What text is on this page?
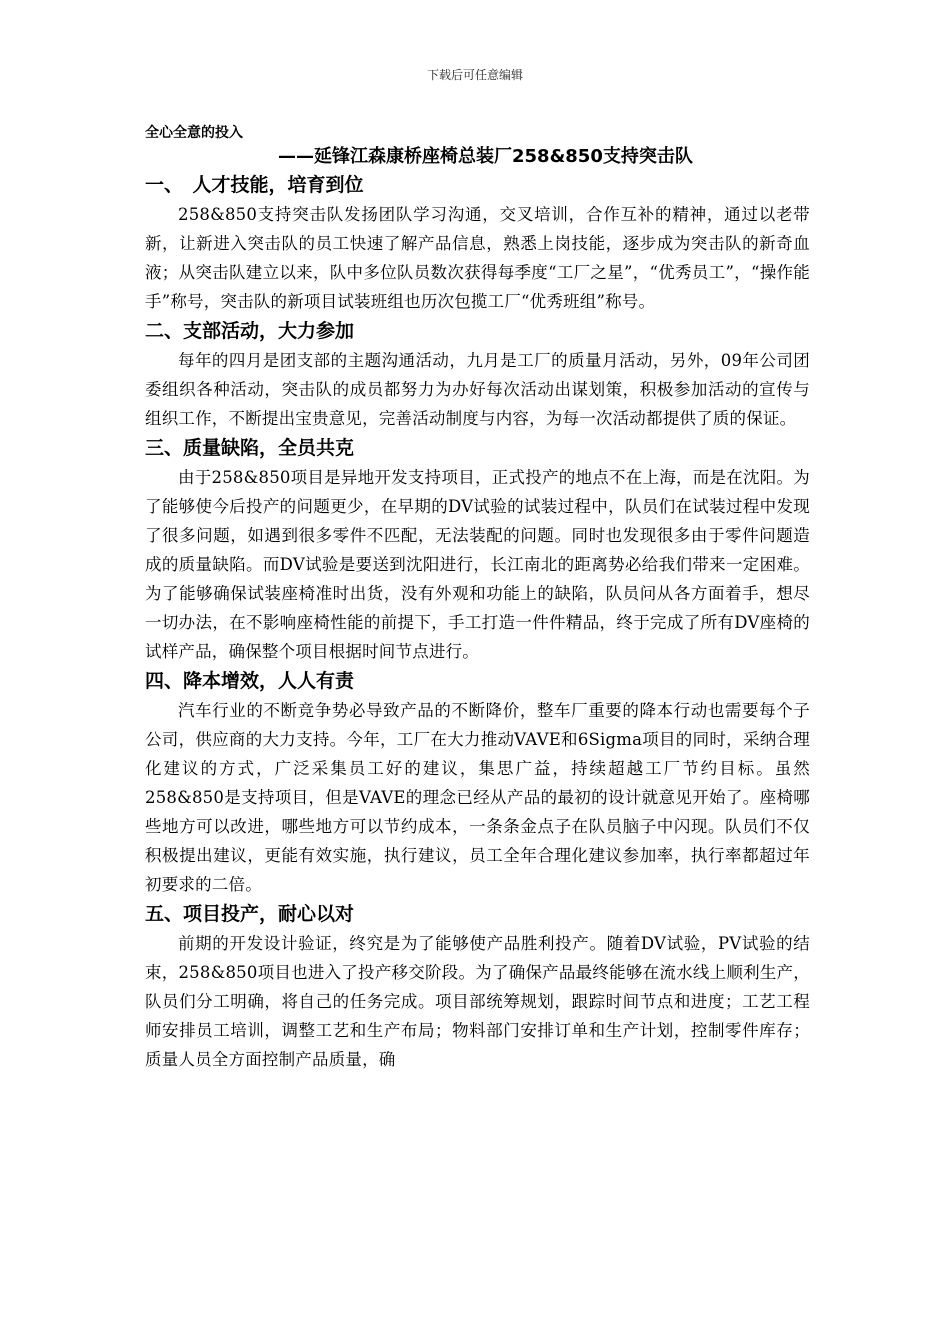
下载后可任意编辑
全心全意的投入
——延锋江森康桥座椅总装厂258&850支持突击队
一、　人才技能，培育到位

258&850支持突击队发扬团队学习沟通，交叉培训，合作互补的精神，通过以老带新，让新进入突击队的员工快速了解产品信息，熟悉上岗技能，逐步成为突击队的新奇血液；从突击队建立以来，队中多位队员数次获得每季度“工厂之星”，“优秀员工”，“操作能手”称号，突击队的新项目试装班组也历次包揽工厂“优秀班组”称号。

二、支部活动，大力参加

每年的四月是团支部的主题沟通活动，九月是工厂的质量月活动，另外，09年公司团委组织各种活动，突击队的成员都努力为办好每次活动出谋划策，积极参加活动的宣传与组织工作，不断提出宝贵意见，完善活动制度与内容，为每一次活动都提供了质的保证。

三、质量缺陷，全员共克

由于258&850项目是异地开发支持项目，正式投产的地点不在上海，而是在沈阳。为了能够使今后投产的问题更少，在早期的DV试验的试装过程中，队员们在试装过程中发现了很多问题，如遇到很多零件不匹配，无法装配的问题。同时也发现很多由于零件问题造成的质量缺陷。而DV试验是要送到沈阳进行，长江南北的距离势必给我们带来一定困难。为了能够确保试装座椅准时出货，没有外观和功能上的缺陷，队员问从各方面着手，想尽一切办法，在不影响座椅性能的前提下，手工打造一件件精品，终于完成了所有DV座椅的试样产品，确保整个项目根据时间节点进行。

四、降本增效，人人有责

汽车行业的不断竞争势必导致产品的不断降价，整车厂重要的降本行动也需要每个子公司，供应商的大力支持。今年，工厂在大力推动VAVE和6Sigma项目的同时，采纳合理化建议的方式，广泛采集员工好的建议，集思广益，持续超越工厂节约目标。虽然258&850是支持项目，但是VAVE的理念已经从产品的最初的设计就意见开始了。座椅哪些地方可以改进，哪些地方可以节约成本，一条条金点子在队员脑子中闪现。队员们不仅积极提出建议，更能有效实施，执行建议，员工全年合理化建议参加率，执行率都超过年初要求的二倍。

五、项目投产，耐心以对

前期的开发设计验证，终究是为了能够使产品胜利投产。随着DV试验，PV试验的结束，258&850项目也进入了投产移交阶段。为了确保产品最终能够在流水线上顺利生产，队员们分工明确，将自己的任务完成。项目部统筹规划，跟踪时间节点和进度；工艺工程师安排员工培训，调整工艺和生产布局；物料部门安排订单和生产计划，控制零件库存；质量人员全方面控制产品质量，确
